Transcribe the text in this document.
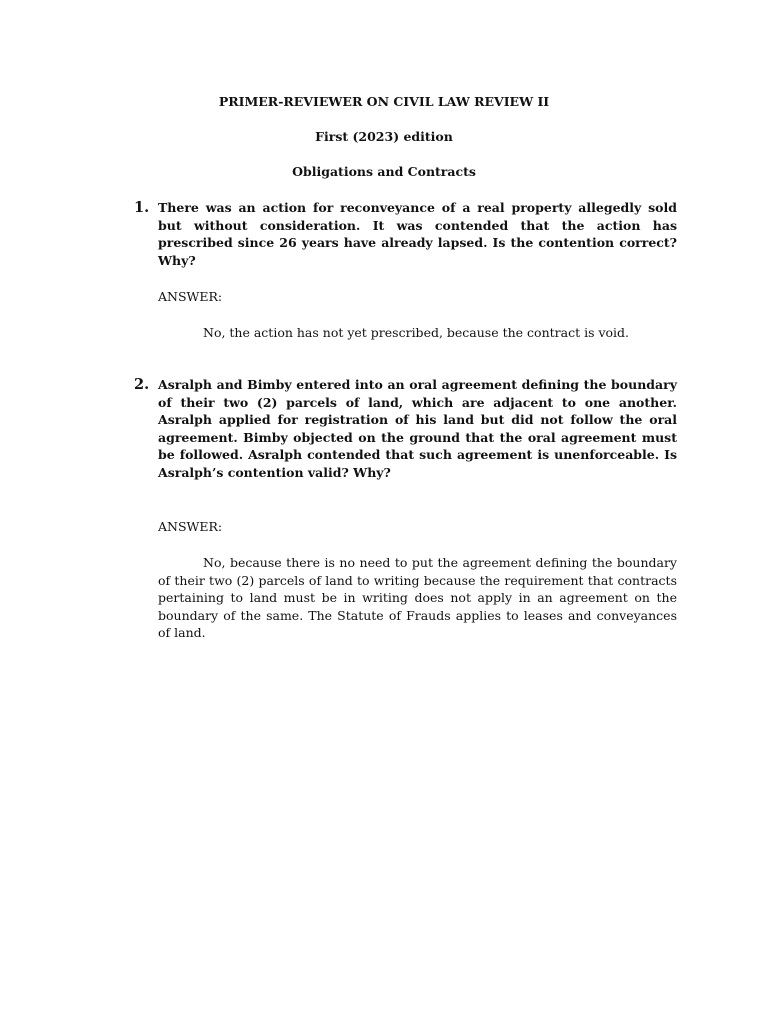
PRIMER-REVIEWER ON CIVIL LAW REVIEW II
First (2023) edition
Obligations and Contracts
1. There was an action for reconveyance of a real property allegedly sold but without consideration. It was contended that the action has prescribed since 26 years have already lapsed. Is the contention correct? Why?
ANSWER:
No, the action has not yet prescribed, because the contract is void.
2. Asralph and Bimby entered into an oral agreement defining the boundary of their two (2) parcels of land, which are adjacent to one another. Asralph applied for registration of his land but did not follow the oral agreement. Bimby objected on the ground that the oral agreement must be followed. Asralph contended that such agreement is unenforceable. Is Asralph’s contention valid? Why?
ANSWER:
No, because there is no need to put the agreement defining the boundary of their two (2) parcels of land to writing because the requirement that contracts pertaining to land must be in writing does not apply in an agreement on the boundary of the same. The Statute of Frauds applies to leases and conveyances of land.
